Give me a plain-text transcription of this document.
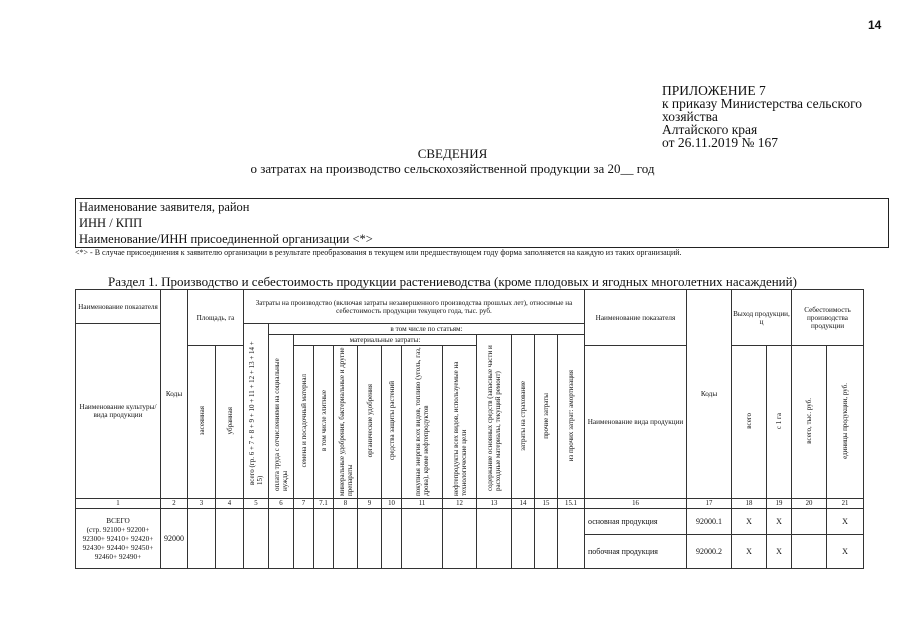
14
ПРИЛОЖЕНИЕ 7
к приказу Министерства сельского
хозяйства
Алтайского края
от 26.11.2019 № 167
СВЕДЕНИЯ
о затратах на производство сельскохозяйственной продукции за 20__ год
Наименование заявителя, район
ИНН / КПП
Наименование/ИНН присоединенной организации <*>
<*> - В случае присоединения к заявителю организации в результате преобразования в текущем или предшествующем году форма заполняется на каждую из таких организаций.
Раздел 1. Производство и себестоимость продукции растениеводства (кроме плодовых и ягодных многолетних насаждений)
Наименование показателя	Коды	Площадь, га		Затраты на производство (включая затраты незавершенного производства прошлых лет), относимые на себестоимость продукции текущего года, тыс. руб.													Наименование показателя	Коды	Выход продукции, ц		Себестоимость производства продукции	
Наименование культуры/ вида продукции				всего (гр. 6 + 7 + 8 + 9 + 10 + 11 + 12 + 13 + 14 + 15)	в том числе по статьям:																	
					оплата труда с отчислениями на социальные нужды	материальные затраты:							содержание основных средств (запасные части и расходные материалы, текущий ремонт)	затраты на страхование	прочие затраты	из прочих затрат: амортизация						
		засеянная	убранная			семена и посадочный материал	в том числе элитные	минеральные удобрения, бактериальные и другие препараты	органические удобрения	средства защиты растений	покупная энергия всех видов, топливо (уголь, газ, дрова), кроме нефтепродуктов	нефтепродукты всех видов, используемые на технологические цели					Наименование вида продукции		всего	с 1 га	всего, тыс. руб.	единицы продукции, руб.
1	2	3	4	5	6	7	7.1	8	9	10	11	12	13	14	15	15.1	16	17	18	19	20	21
ВСЕГО
(стр. 92100+ 92200+ 92300+ 92410+ 92420+ 92430+ 92440+ 92450+ 92460+ 92490+	92000																основная продукция	92000.1	X	X		X
																	побочная продукция	92000.2	X	X		X
